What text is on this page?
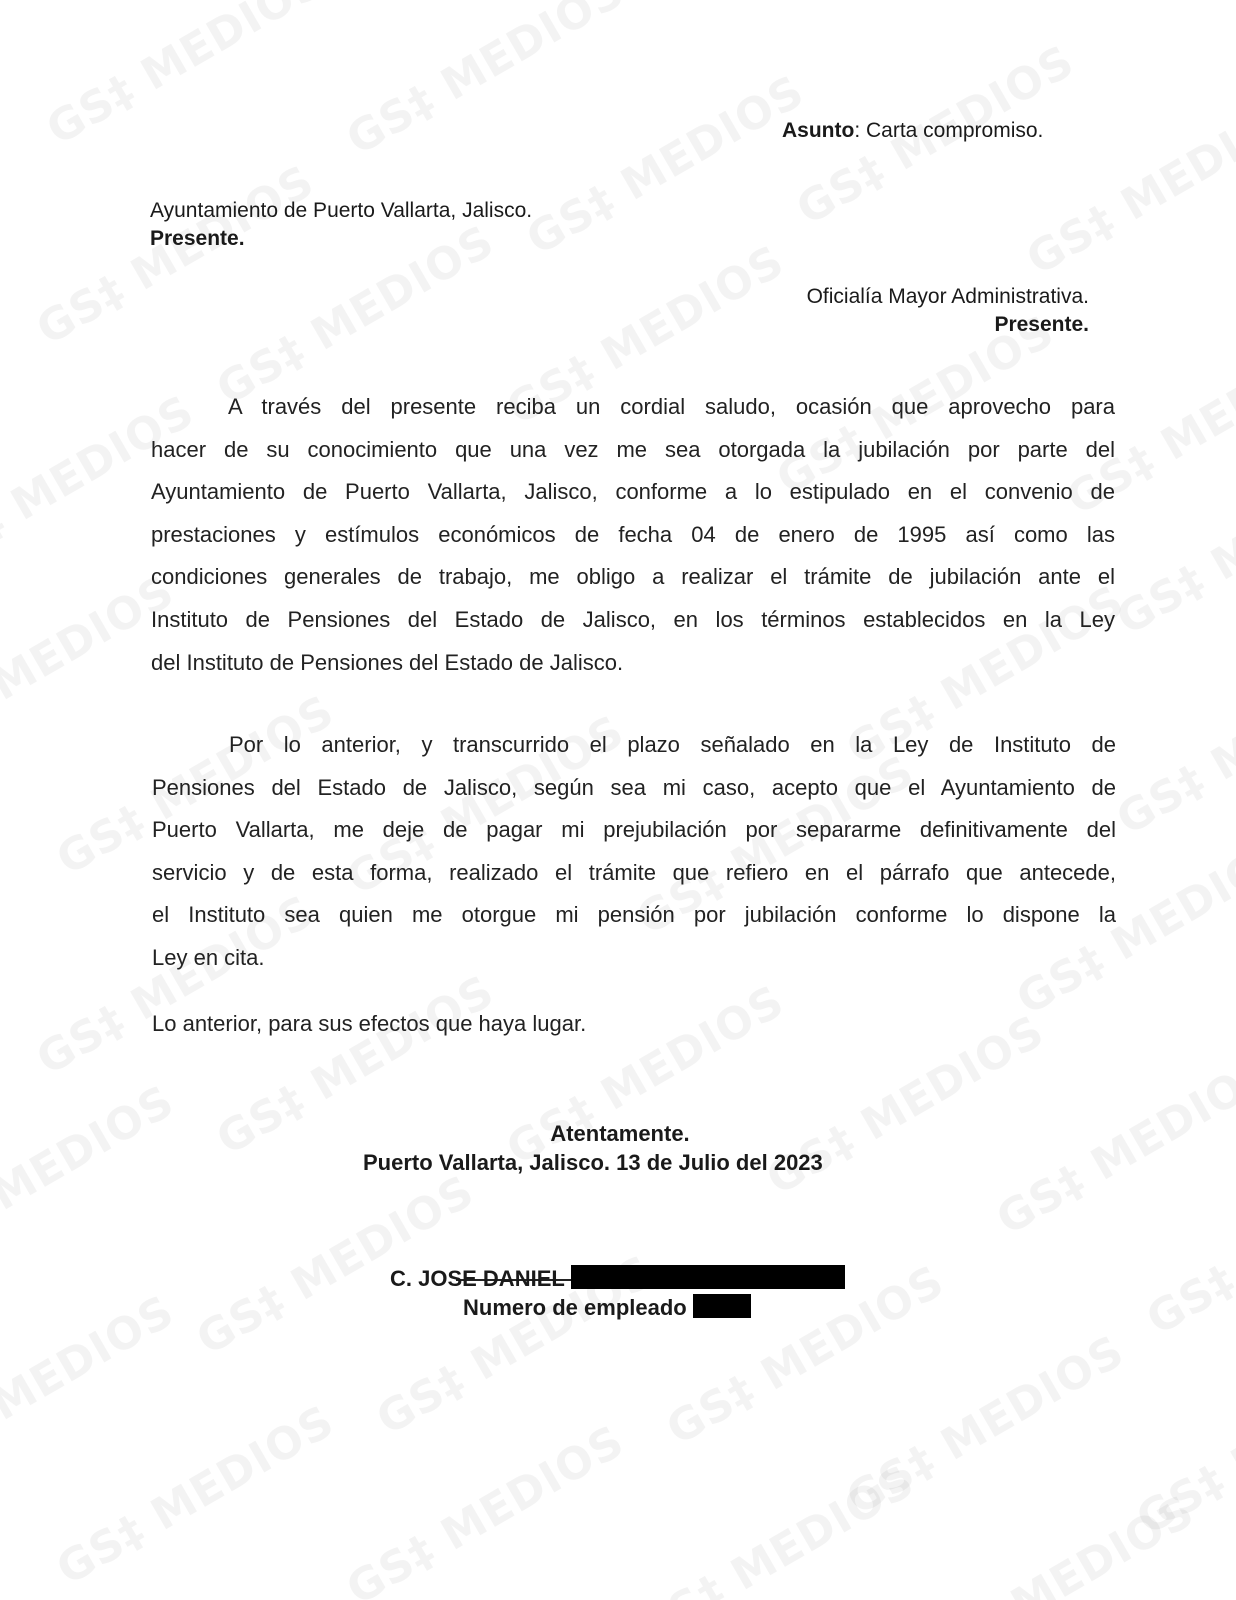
Asunto: Carta compromiso.
Ayuntamiento de Puerto Vallarta, Jalisco.
Presente.
Oficialía Mayor Administrativa.
Presente.
A través del presente reciba un cordial saludo, ocasión que aprovecho para
hacer de su conocimiento que una vez me sea otorgada la jubilación por parte del
Ayuntamiento de Puerto Vallarta, Jalisco, conforme a lo estipulado en el convenio de
prestaciones y estímulos económicos de fecha 04 de enero de 1995 así como las
condiciones generales de trabajo, me obligo a realizar el trámite de jubilación ante el
Instituto de Pensiones del Estado de Jalisco, en los términos establecidos en la Ley
del Instituto de Pensiones del Estado de Jalisco.
Por lo anterior, y transcurrido el plazo señalado en la Ley de Instituto de
Pensiones del Estado de Jalisco, según sea mi caso, acepto que el Ayuntamiento de
Puerto Vallarta, me deje de pagar mi prejubilación por separarme definitivamente del
servicio y de esta forma, realizado el trámite que refiero en el párrafo que antecede,
el Instituto sea quien me otorgue mi pensión por jubilación conforme lo dispone la
Ley en cita.
Lo anterior, para sus efectos que haya lugar.
Atentamente.
Puerto Vallarta, Jalisco. 13 de Julio del 2023
C. JOSE DANIEL
Numero de empleado
